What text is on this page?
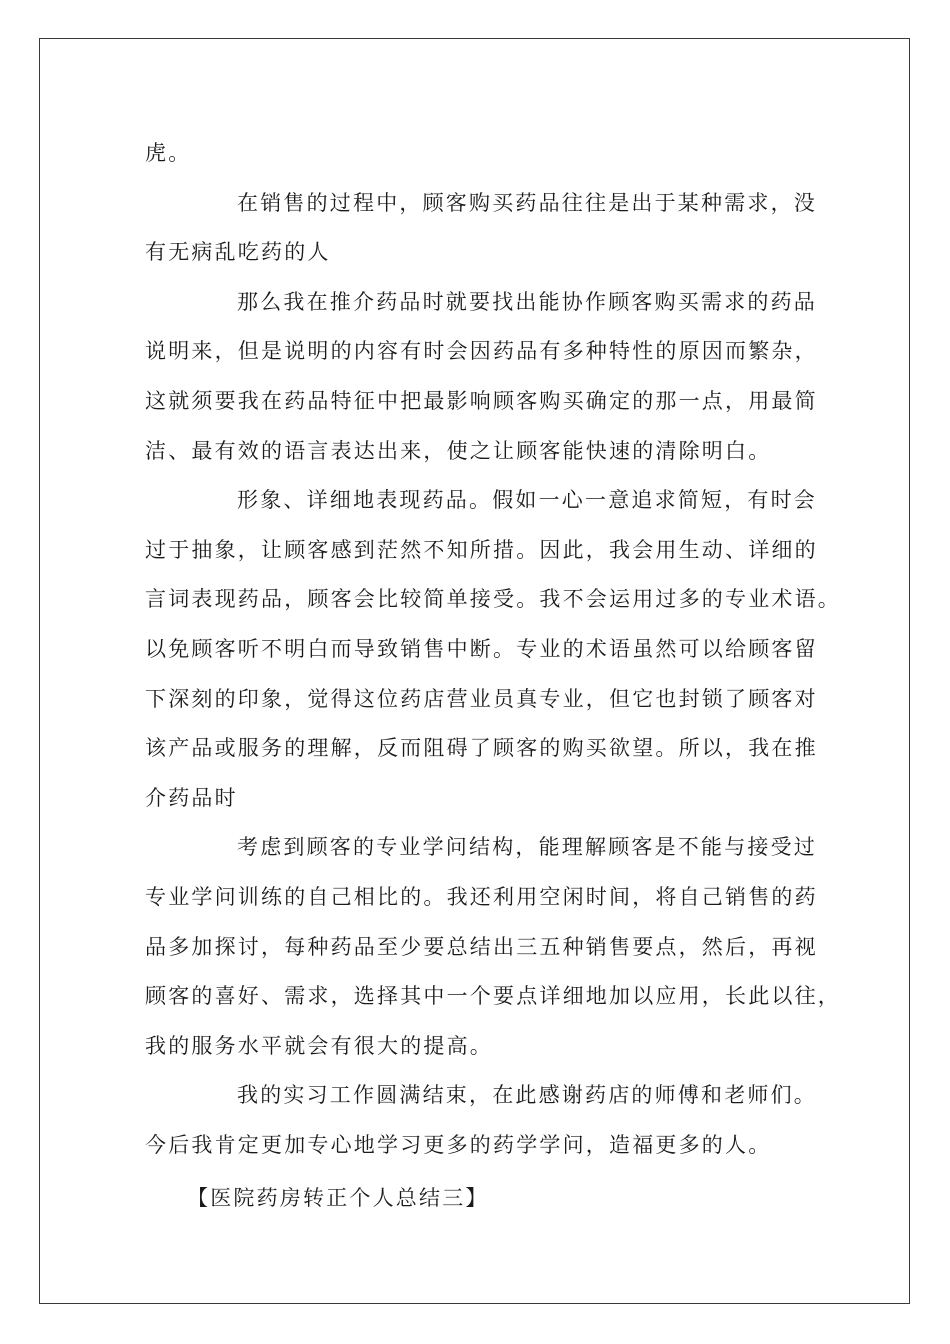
虎。
在销售的过程中，顾客购买药品往往是出于某种需求，没
有无病乱吃药的人
那么我在推介药品时就要找出能协作顾客购买需求的药品
说明来，但是说明的内容有时会因药品有多种特性的原因而繁杂，
这就须要我在药品特征中把最影响顾客购买确定的那一点，用最简
洁、最有效的语言表达出来，使之让顾客能快速的清除明白。
形象、详细地表现药品。假如一心一意追求简短，有时会
过于抽象，让顾客感到茫然不知所措。因此，我会用生动、详细的
言词表现药品，顾客会比较简单接受。我不会运用过多的专业术语。
以免顾客听不明白而导致销售中断。专业的术语虽然可以给顾客留
下深刻的印象，觉得这位药店营业员真专业，但它也封锁了顾客对
该产品或服务的理解，反而阻碍了顾客的购买欲望。所以，我在推
介药品时
考虑到顾客的专业学问结构，能理解顾客是不能与接受过
专业学问训练的自己相比的。我还利用空闲时间，将自己销售的药
品多加探讨，每种药品至少要总结出三五种销售要点，然后，再视
顾客的喜好、需求，选择其中一个要点详细地加以应用，长此以往，
我的服务水平就会有很大的提高。
我的实习工作圆满结束，在此感谢药店的师傅和老师们。
今后我肯定更加专心地学习更多的药学学问，造福更多的人。
【医院药房转正个人总结三】
